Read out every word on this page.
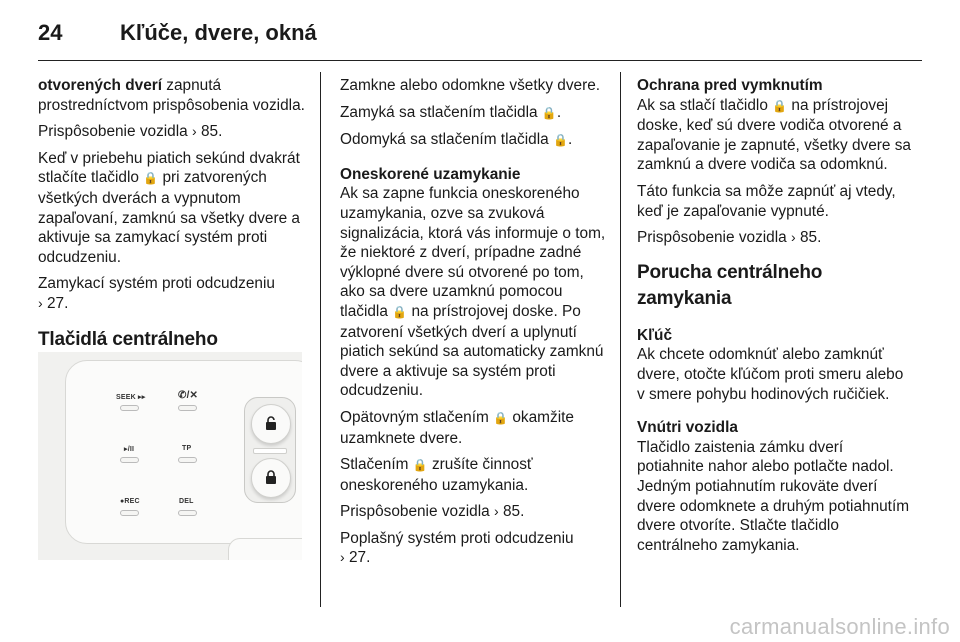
24	Kľúče, dvere, okná

otvorených dverí zapnutá prostredníctvom prispôsobenia vozidla.

Prispôsobenie vozidla › 85.

Keď v priebehu piatich sekúnd dvakrát stlačíte tlačidlo 🔒 pri zatvorených všetkých dverách a vypnutom zapaľovaní, zamknú sa všetky dvere a aktivuje sa zamykací systém proti odcudzeniu.

Zamykací systém proti odcudzeniu
› 27.

Tlačidlá centrálneho
SEEK ▸▸	✆/✕
▸/II	TP
●REC	DEL

Zamkne alebo odomkne všetky dvere.

Zamyká sa stlačením tlačidla 🔒.

Odomyká sa stlačením tlačidla 🔒.

Oneskorené uzamykanie

Ak sa zapne funkcia oneskoreného uzamykania, ozve sa zvuková signalizácia, ktorá vás informuje o tom, že niektoré z dverí, prípadne zadné výklopné dvere sú otvorené po tom, ako sa dvere uzamknú pomocou tlačidla 🔒 na prístrojovej doske. Po zatvorení všetkých dverí a uplynutí piatich sekúnd sa automaticky zamknú dvere a aktivuje sa systém proti odcudzeniu.

Opätovným stlačením 🔒 okamžite uzamknete dvere.

Stlačením 🔒 zrušíte činnosť oneskoreného uzamykania.

Prispôsobenie vozidla › 85.

Poplašný systém proti odcudzeniu
› 27.

Ochrana pred vymknutím

Ak sa stlačí tlačidlo 🔒 na prístrojovej doske, keď sú dvere vodiča otvorené a zapaľovanie je zapnuté, všetky dvere sa zamknú a dvere vodiča sa odomknú.

Táto funkcia sa môže zapnúť aj vtedy, keď je zapaľovanie vypnuté.

Prispôsobenie vozidla › 85.

Porucha centrálneho zamykania

Kľúč

Ak chcete odomknúť alebo zamknúť dvere, otočte kľúčom proti smeru alebo v smere pohybu hodinových ručičiek.

Vnútri vozidla

Tlačidlo zaistenia zámku dverí potiahnite nahor alebo potlačte nadol. Jedným potiahnutím rukoväte dverí dvere odomknete a druhým potiahnutím dvere otvoríte. Stlačte tlačidlo centrálneho zamykania.

carmanualsonline.info
